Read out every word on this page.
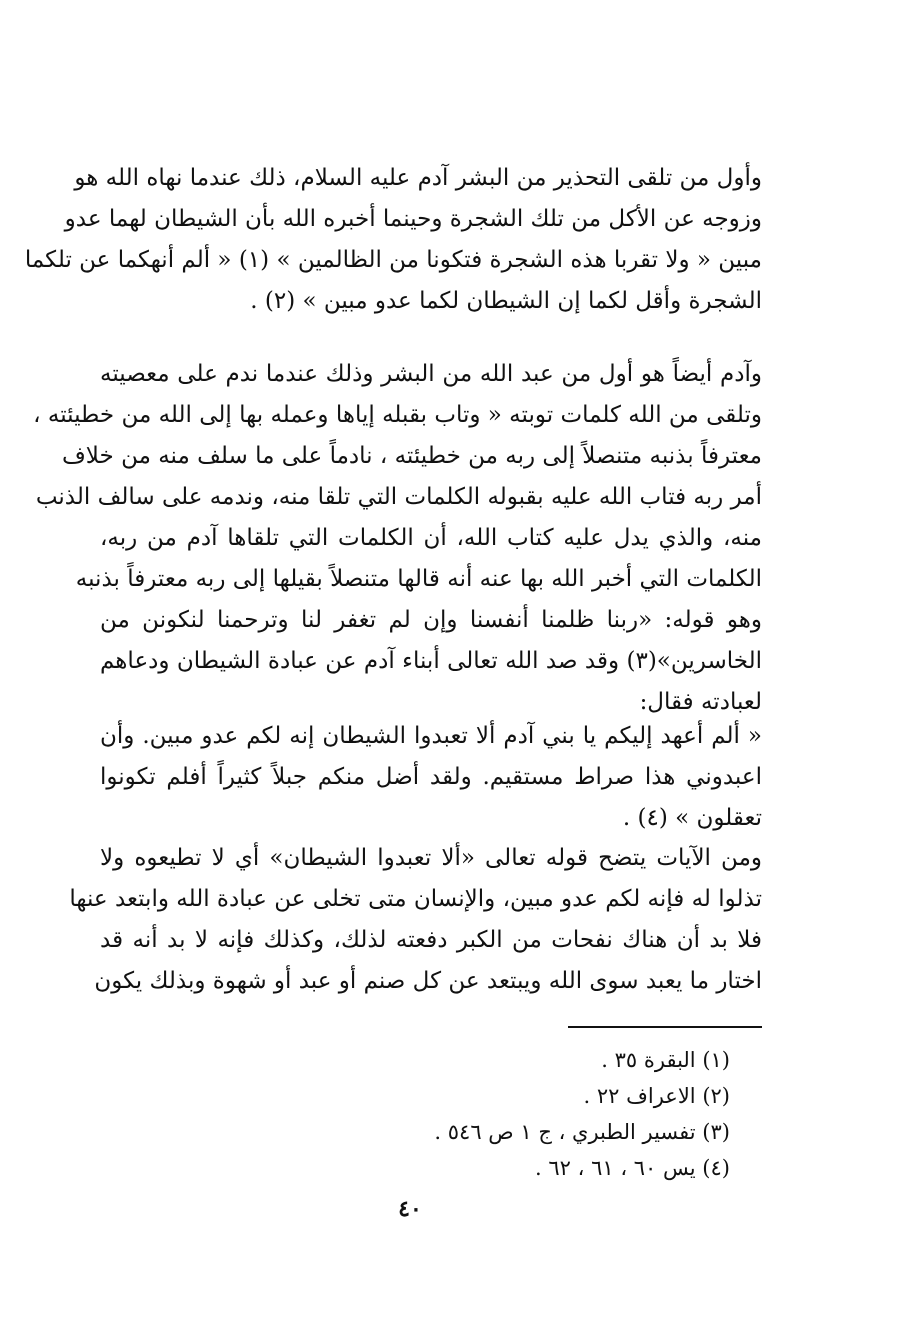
وأول من تلقى التحذير من البشر آدم عليه السلام، ذلك عندما نهاه الله هو
وزوجه عن الأكل من تلك الشجرة وحينما أخبره الله بأن الشيطان لهما عدو
مبين « ولا تقربا هذه الشجرة فتكونا من الظالمين » (١) « ألم أنهكما عن تلكما
الشجرة وأقل لكما إن الشيطان لكما عدو مبين » (٢) .
وآدم أيضاً هو أول من عبد الله من البشر وذلك عندما ندم على معصيته
وتلقى من الله كلمات توبته « وتاب بقبله إياها وعمله بها إلى الله من خطيئته ،
معترفاً بذنبه متنصلاً إلى ربه من خطيئته ، نادماً على ما سلف منه من خلاف
أمر ربه فتاب الله عليه بقبوله الكلمات التي تلقا منه، وندمه على سالف الذنب
منه، والذي يدل عليه كتاب الله، أن الكلمات التي تلقاها آدم من ربه،
الكلمات التي أخبر الله بها عنه أنه قالها متنصلاً بقيلها إلى ربه معترفاً بذنبه
وهو قوله: «ربنا ظلمنا أنفسنا وإن لم تغفر لنا وترحمنا لنكونن من
الخاسرين»(٣) وقد صد الله تعالى أبناء آدم عن عبادة الشيطان ودعاهم
لعبادته فقال:
« ألم أعهد إليكم يا بني آدم ألا تعبدوا الشيطان إنه لكم عدو مبين. وأن
اعبدوني هذا صراط مستقيم. ولقد أضل منكم جبلاً كثيراً أفلم تكونوا
تعقلون » (٤) .
ومن الآيات يتضح قوله تعالى «ألا تعبدوا الشيطان» أي لا تطيعوه ولا
تذلوا له فإنه لكم عدو مبين، والإنسان متى تخلى عن عبادة الله وابتعد عنها
فلا بد أن هناك نفحات من الكبر دفعته لذلك، وكذلك فإنه لا بد أنه قد
اختار ما يعبد سوى الله ويبتعد عن كل صنم أو عبد أو شهوة وبذلك يكون
(١) البقرة ٣٥ .
(٢) الاعراف ٢٢ .
(٣) تفسير الطبري ، ج ١ ص ٥٤٦ .
(٤) يس ٦٠ ، ٦١ ، ٦٢ .
٤٠
